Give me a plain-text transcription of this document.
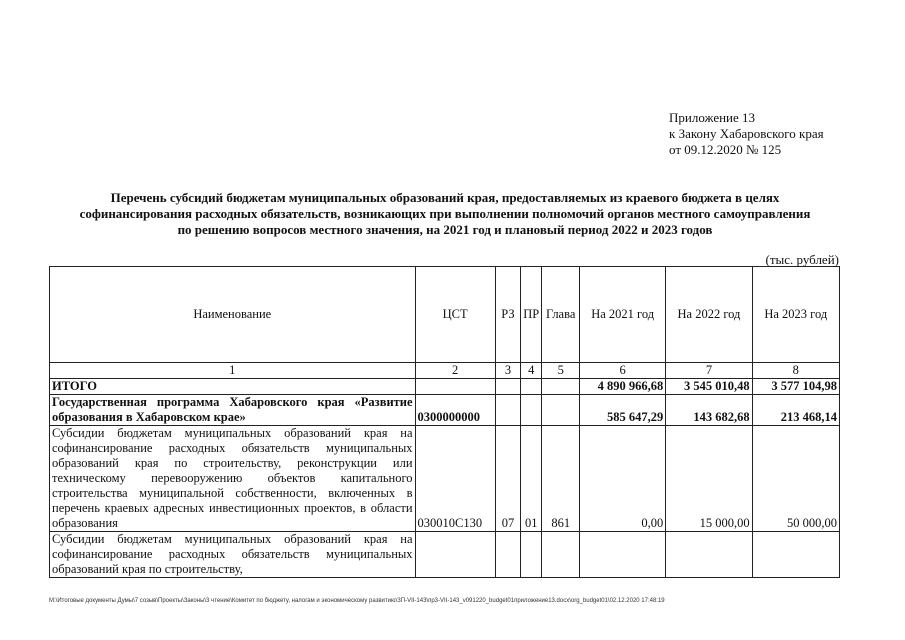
Приложение 13
к Закону Хабаровского края
от 09.12.2020 № 125
Перечень субсидий бюджетам муниципальных образований края, предоставляемых из краевого бюджета в целях
софинансирования расходных обязательств, возникающих при выполнении полномочий органов местного самоуправления
по решению вопросов местного значения, на 2021 год и плановый период 2022 и 2023 годов
(тыс. рублей)
Наименование	ЦСТ	РЗ	ПР	Глава	На 2021 год	На 2022 год	На 2023 год
1	2	3	4	5	6	7	8
ИТОГО					4 890 966,68	3 545 010,48	3 577 104,98
Государственная программа Хабаровского края «Развитие образования в Хабаровском крае»	0300000000				585 647,29	143 682,68	213 468,14
Субсидии бюджетам муниципальных образований края на софинансирование расходных обязательств муниципальных образований края по строительству, реконструкции или техническому перевооружению объектов капитального строительства муниципальной собственности, включенных в перечень краевых адресных инвестиционных проектов, в области образования	030010С130	07	01	861	0,00	15 000,00	50 000,00
Субсидии бюджетам муниципальных образований края на софинансирование расходных обязательств муниципальных образований края по строительству,							
М:\Итоговые документы Думы\7 созыв\Проекты\Законы\3 чтение\Комитет по бюджету, налогам и экономическому развитию\ЗП-VII-143\пр3-VII-143_v091220_budget01приложение13.docx\org_budget01\02.12.2020 17:48:19
